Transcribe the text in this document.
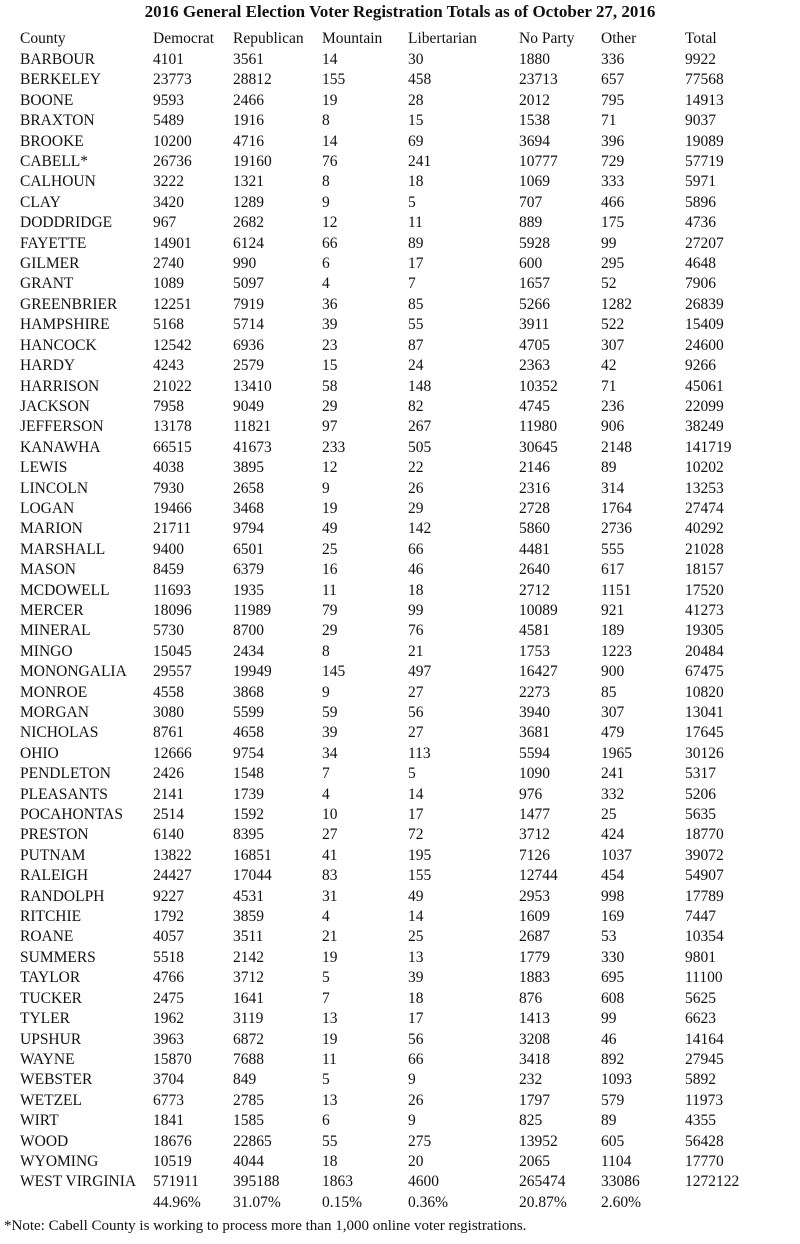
2016 General Election Voter Registration Totals as of October 27, 2016
County	Democrat	Republican	Mountain	Libertarian	No Party	Other	Total
BARBOUR	4101	3561	14	30	1880	336	9922
BERKELEY	23773	28812	155	458	23713	657	77568
BOONE	9593	2466	19	28	2012	795	14913
BRAXTON	5489	1916	8	15	1538	71	9037
BROOKE	10200	4716	14	69	3694	396	19089
CABELL*	26736	19160	76	241	10777	729	57719
CALHOUN	3222	1321	8	18	1069	333	5971
CLAY	3420	1289	9	5	707	466	5896
DODDRIDGE	967	2682	12	11	889	175	4736
FAYETTE	14901	6124	66	89	5928	99	27207
GILMER	2740	990	6	17	600	295	4648
GRANT	1089	5097	4	7	1657	52	7906
GREENBRIER	12251	7919	36	85	5266	1282	26839
HAMPSHIRE	5168	5714	39	55	3911	522	15409
HANCOCK	12542	6936	23	87	4705	307	24600
HARDY	4243	2579	15	24	2363	42	9266
HARRISON	21022	13410	58	148	10352	71	45061
JACKSON	7958	9049	29	82	4745	236	22099
JEFFERSON	13178	11821	97	267	11980	906	38249
KANAWHA	66515	41673	233	505	30645	2148	141719
LEWIS	4038	3895	12	22	2146	89	10202
LINCOLN	7930	2658	9	26	2316	314	13253
LOGAN	19466	3468	19	29	2728	1764	27474
MARION	21711	9794	49	142	5860	2736	40292
MARSHALL	9400	6501	25	66	4481	555	21028
MASON	8459	6379	16	46	2640	617	18157
MCDOWELL	11693	1935	11	18	2712	1151	17520
MERCER	18096	11989	79	99	10089	921	41273
MINERAL	5730	8700	29	76	4581	189	19305
MINGO	15045	2434	8	21	1753	1223	20484
MONONGALIA	29557	19949	145	497	16427	900	67475
MONROE	4558	3868	9	27	2273	85	10820
MORGAN	3080	5599	59	56	3940	307	13041
NICHOLAS	8761	4658	39	27	3681	479	17645
OHIO	12666	9754	34	113	5594	1965	30126
PENDLETON	2426	1548	7	5	1090	241	5317
PLEASANTS	2141	1739	4	14	976	332	5206
POCAHONTAS	2514	1592	10	17	1477	25	5635
PRESTON	6140	8395	27	72	3712	424	18770
PUTNAM	13822	16851	41	195	7126	1037	39072
RALEIGH	24427	17044	83	155	12744	454	54907
RANDOLPH	9227	4531	31	49	2953	998	17789
RITCHIE	1792	3859	4	14	1609	169	7447
ROANE	4057	3511	21	25	2687	53	10354
SUMMERS	5518	2142	19	13	1779	330	9801
TAYLOR	4766	3712	5	39	1883	695	11100
TUCKER	2475	1641	7	18	876	608	5625
TYLER	1962	3119	13	17	1413	99	6623
UPSHUR	3963	6872	19	56	3208	46	14164
WAYNE	15870	7688	11	66	3418	892	27945
WEBSTER	3704	849	5	9	232	1093	5892
WETZEL	6773	2785	13	26	1797	579	11973
WIRT	1841	1585	6	9	825	89	4355
WOOD	18676	22865	55	275	13952	605	56428
WYOMING	10519	4044	18	20	2065	1104	17770
WEST VIRGINIA	571911	395188	1863	4600	265474	33086	1272122
	44.96%	31.07%	0.15%	0.36%	20.87%	2.60%	
*Note: Cabell County is working to process more than 1,000 online voter registrations.
